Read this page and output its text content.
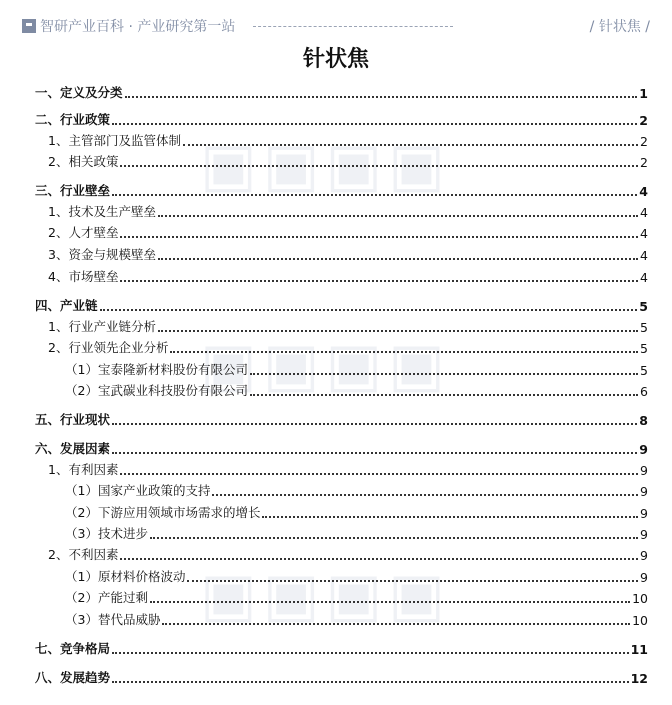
▣▣▣▣
▣▣▣▣
▣▣▣▣
智研产业百科 · 产业研究第一站	/ 针状焦 /
针状焦
一、定义及分类	1
二、行业政策	2
1、主管部门及监管体制	2
2、相关政策	2
三、行业壁垒	4
1、技术及生产壁垒	4
2、人才壁垒	4
3、资金与规模壁垒	4
4、市场壁垒	4
四、产业链	5
1、行业产业链分析	5
2、行业领先企业分析	5
（1）宝泰隆新材料股份有限公司	5
（2）宝武碳业科技股份有限公司	6
五、行业现状	8
六、发展因素	9
1、有利因素	9
（1）国家产业政策的支持	9
（2）下游应用领域市场需求的增长	9
（3）技术进步	9
2、不利因素	9
（1）原材料价格波动	9
（2）产能过剩	10
（3）替代品威胁	10
七、竞争格局	11
八、发展趋势	12
